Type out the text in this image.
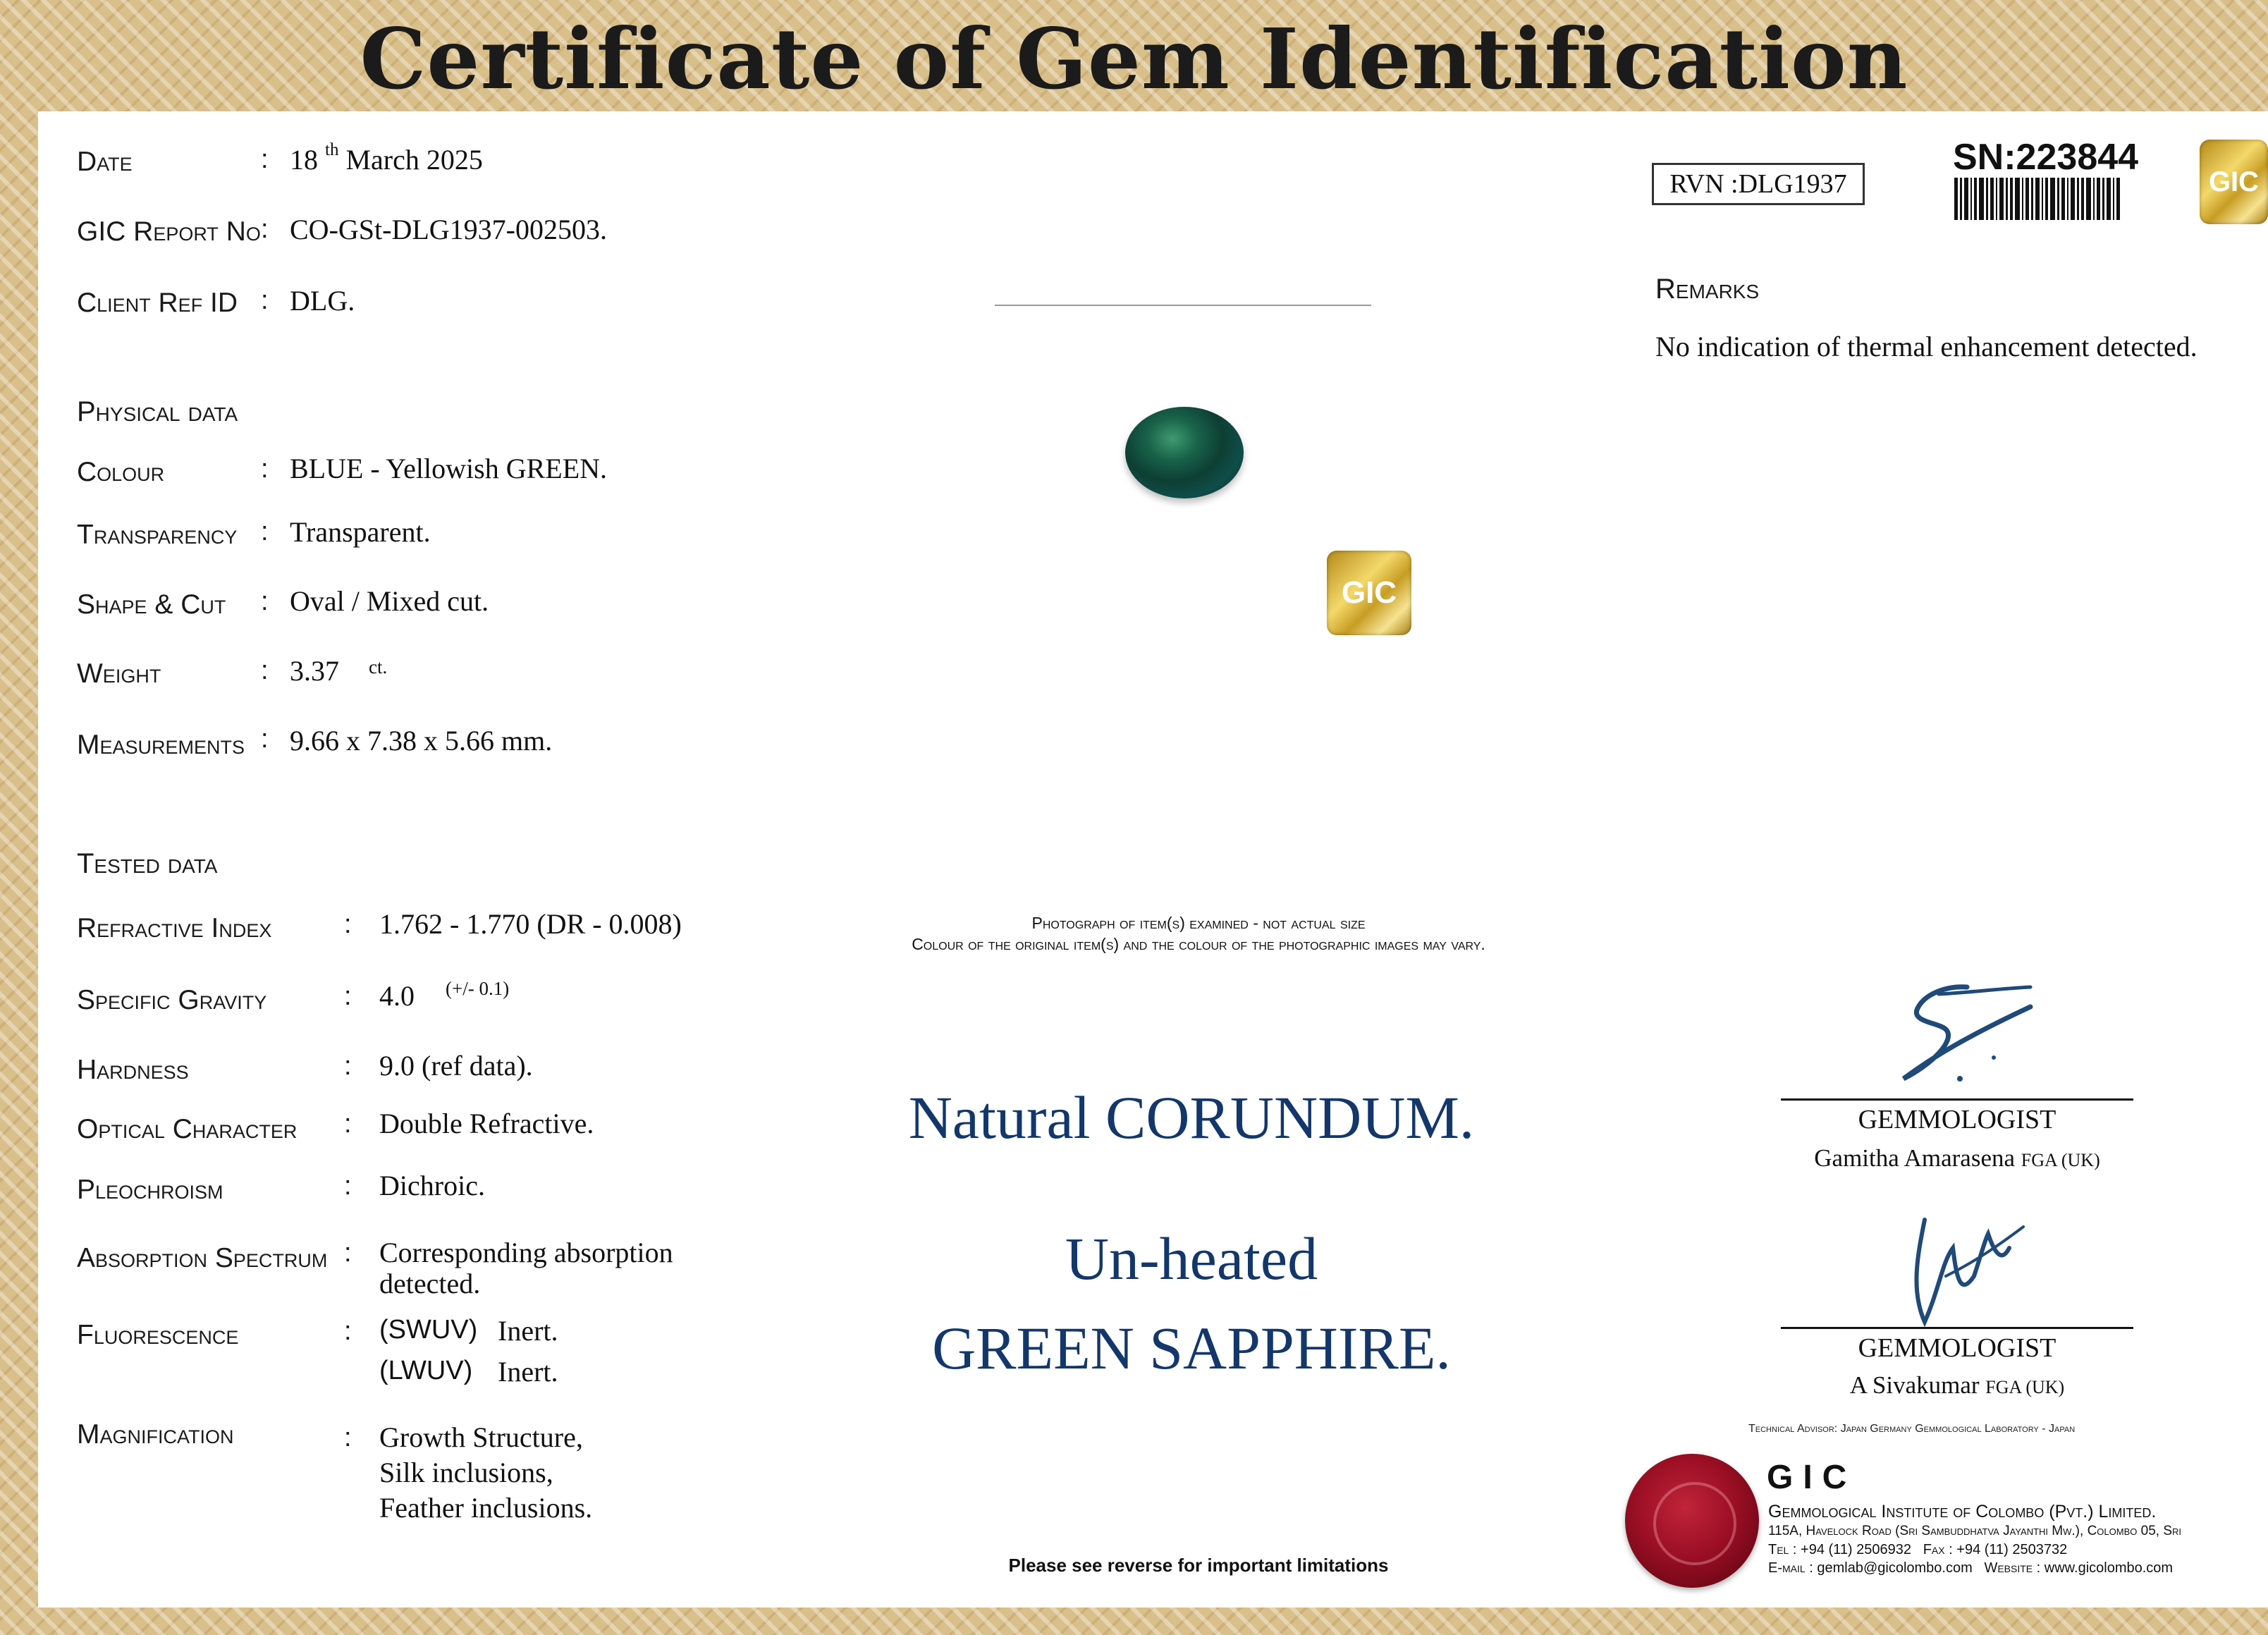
Certificate of Gem Identification
Date	: 18 $^{th}$ March 2025
GIC Report No : CO-GSt-DLG1937-002503.
Client Ref ID : DLG.
Physical data
Colour	: BLUE - Yellowish GREEN.
Transparency : Transparent.
Shape & Cut : Oval / Mixed cut.
Weight	: 3.37 ct.
Measurements : 9.66 x 7.38 x 5.66 mm.
Tested data
Refractive Index	: 1.762 - 1.770 (DR - 0.008)
Specific Gravity	: 4.0 (+/- 0.1)
Hardness	: 9.0 (ref data).
Optical Character : Double Refractive.
Pleochroism	: Dichroic.
Absorption Spectrum : Corresponding absorption
detected.
Fluorescence	: (SWUV) Inert.
(LWUV) Inert.
Magnification	: Growth Structure,
Silk inclusions,
Feather inclusions.
GIC
Photograph of item(s) examined - not actual size
Colour of the original item(s) and the colour of the photographic images may vary.
Natural CORUNDUM.
Un-heated
GREEN SAPPHIRE.
Please see reverse for important limitations
RVN :DLG1937
SN:223844
GIC
Remarks
No indication of thermal enhancement detected.
GEMMOLOGIST
Gamitha Amarasena FGA (UK)
GEMMOLOGIST
A Sivakumar FGA (UK)
Technical Advisor: Japan Germany Gemmological Laboratory - Japan
GIC
Gemmological Institute of Colombo (Pvt.) Limited.
115A, Havelock Road (Sri Sambuddhatva Jayanthi Mw.), Colombo 05, Sri
Tel : +94 (11) 2506932 Fax : +94 (11) 2503732
E-mail : gemlab@gicolombo.com Website : www.gicolombo.com
